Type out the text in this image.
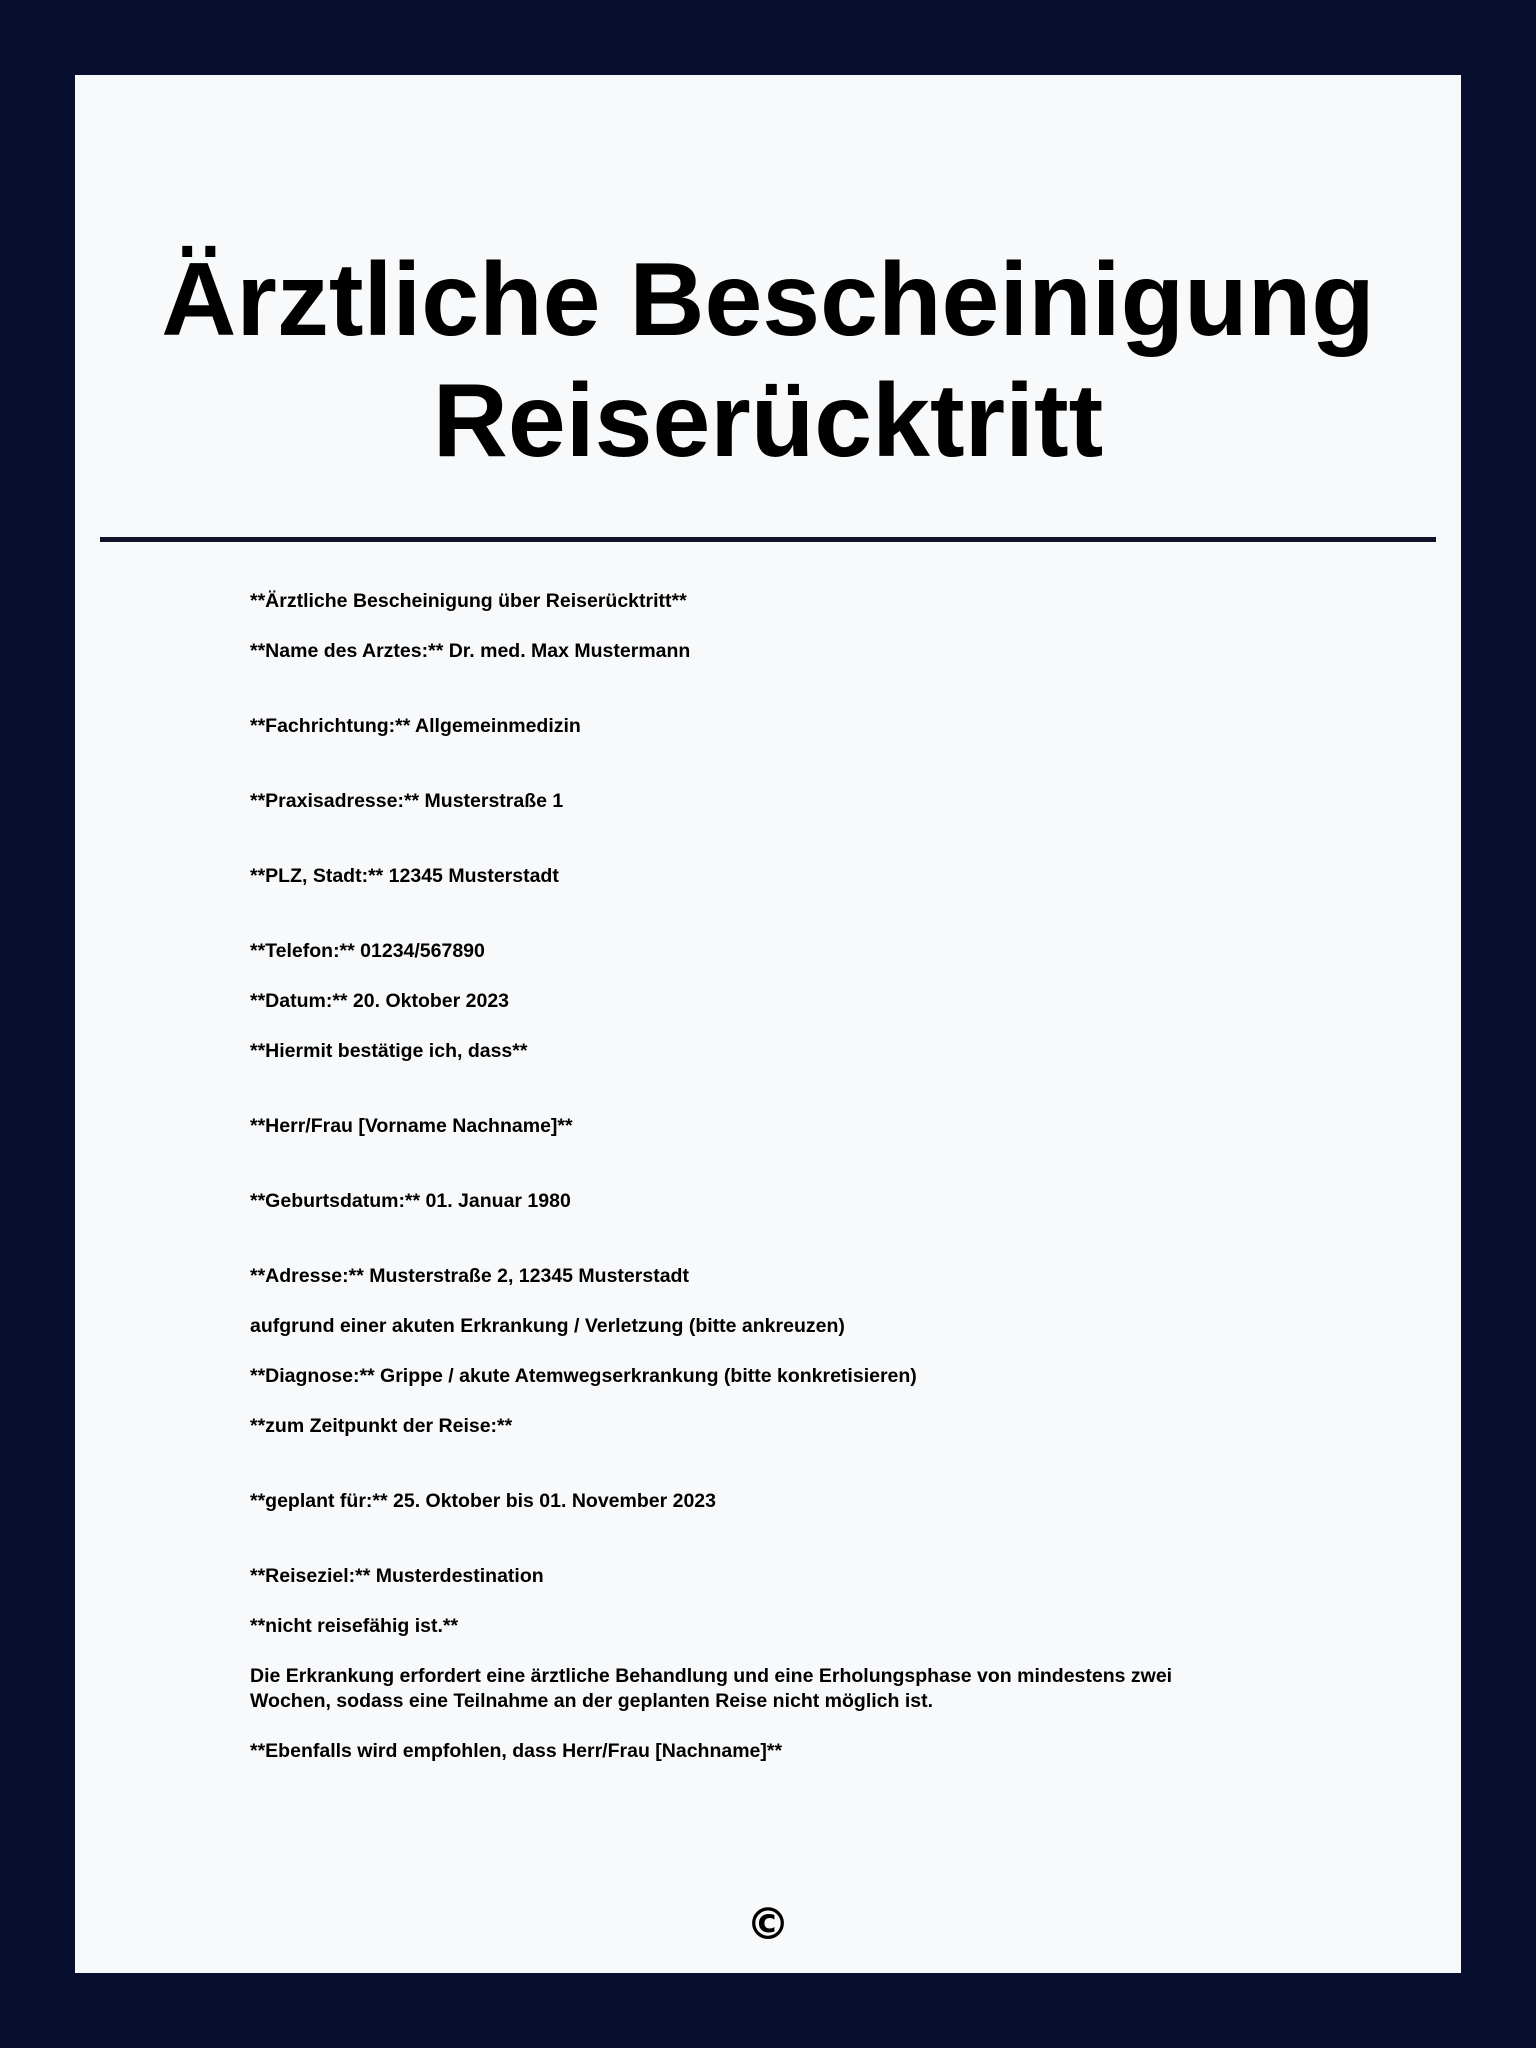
Ärztliche Bescheinigung
Reiserücktritt
**Ärztliche Bescheinigung über Reiserücktritt**
**Name des Arztes:** Dr. med. Max Mustermann
**Fachrichtung:** Allgemeinmedizin
**Praxisadresse:** Musterstraße 1
**PLZ, Stadt:** 12345 Musterstadt
**Telefon:** 01234/567890
**Datum:** 20. Oktober 2023
**Hiermit bestätige ich, dass**
**Herr/Frau [Vorname Nachname]**
**Geburtsdatum:** 01. Januar 1980
**Adresse:** Musterstraße 2, 12345 Musterstadt
aufgrund einer akuten Erkrankung / Verletzung (bitte ankreuzen)
**Diagnose:** Grippe / akute Atemwegserkrankung (bitte konkretisieren)
**zum Zeitpunkt der Reise:**
**geplant für:** 25. Oktober bis 01. November 2023
**Reiseziel:** Musterdestination
**nicht reisefähig ist.**
Die Erkrankung erfordert eine ärztliche Behandlung und eine Erholungsphase von mindestens zwei Wochen, sodass eine Teilnahme an der geplanten Reise nicht möglich ist.
**Ebenfalls wird empfohlen, dass Herr/Frau [Nachname]**
©
